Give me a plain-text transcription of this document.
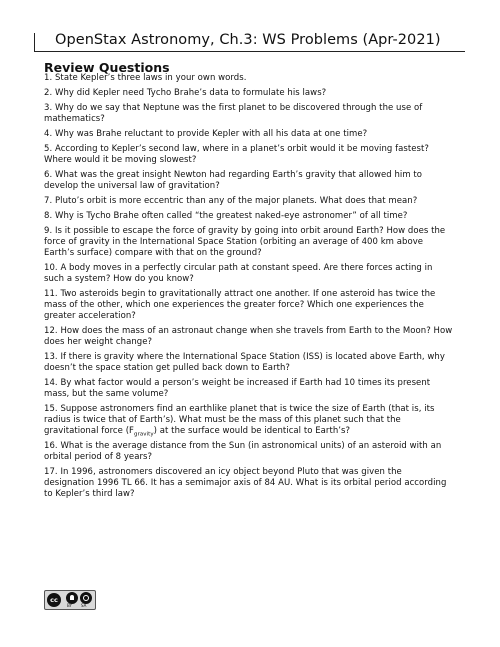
OpenStax Astronomy, Ch.3: WS Problems (Apr-2021)
Review Questions
1. State Kepler’s three laws in your own words.
2. Why did Kepler need Tycho Brahe’s data to formulate his laws?
3. Why do we say that Neptune was the first planet to be discovered through the use of mathematics?
4. Why was Brahe reluctant to provide Kepler with all his data at one time?
5. According to Kepler’s second law, where in a planet’s orbit would it be moving fastest? Where would it be moving slowest?
6. What was the great insight Newton had regarding Earth’s gravity that allowed him to develop the universal law of gravitation?
7. Pluto’s orbit is more eccentric than any of the major planets. What does that mean?
8. Why is Tycho Brahe often called “the greatest naked-eye astronomer” of all time?
9. Is it possible to escape the force of gravity by going into orbit around Earth? How does the force of gravity in the International Space Station (orbiting an average of 400 km above Earth’s surface) compare with that on the ground?
10. A body moves in a perfectly circular path at constant speed. Are there forces acting in such a system? How do you know?
11. Two asteroids begin to gravitationally attract one another. If one asteroid has twice the mass of the other, which one experiences the greater force? Which one experiences the greater acceleration?
12. How does the mass of an astronaut change when she travels from Earth to the Moon? How does her weight change?
13. If there is gravity where the International Space Station (ISS) is located above Earth, why doesn’t the space station get pulled back down to Earth?
14. By what factor would a person’s weight be increased if Earth had 10 times its present mass, but the same volume?
15. Suppose astronomers find an earthlike planet that is twice the size of Earth (that is, its radius is twice that of Earth’s). What must be the mass of this planet such that the gravitational force $(F_{gravity})$ at the surface would be identical to Earth’s?
16. What is the average distance from the Sun (in astronomical units) of an asteroid with an orbital period of 8 years?
17. In 1996, astronomers discovered an icy object beyond Pluto that was given the designation 1996 TL 66. It has a semimajor axis of 84 AU. What is its orbital period according to Kepler’s third law?
cc
BY SA
